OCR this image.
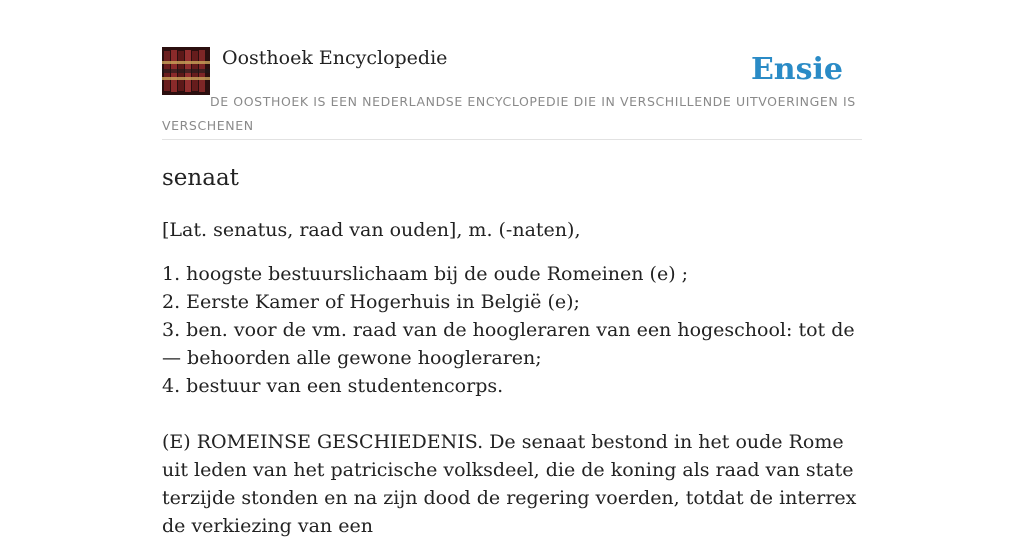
Oosthoek Encyclopedie	Ensie

DE OOSTHOEK IS EEN NEDERLANDSE ENCYCLOPEDIE DIE IN VERSCHILLENDE UITVOERINGEN IS VERSCHENEN

senaat

[Lat. senatus, raad van ouden], m. (-naten),

1. hoogste bestuurslichaam bij de oude Romeinen (e) ;
2. Eerste Kamer of Hogerhuis in België (e);
3. ben. voor de vm. raad van de hoogleraren van een hogeschool: tot de — behoorden alle gewone hoogleraren;
4. bestuur van een studentencorps.

(E) ROMEINSE GESCHIEDENIS. De senaat bestond in het oude Rome uit leden van het patricische volksdeel, die de koning als raad van state terzijde stonden en na zijn dood de regering voerden, totdat de interrex de verkiezing van een
